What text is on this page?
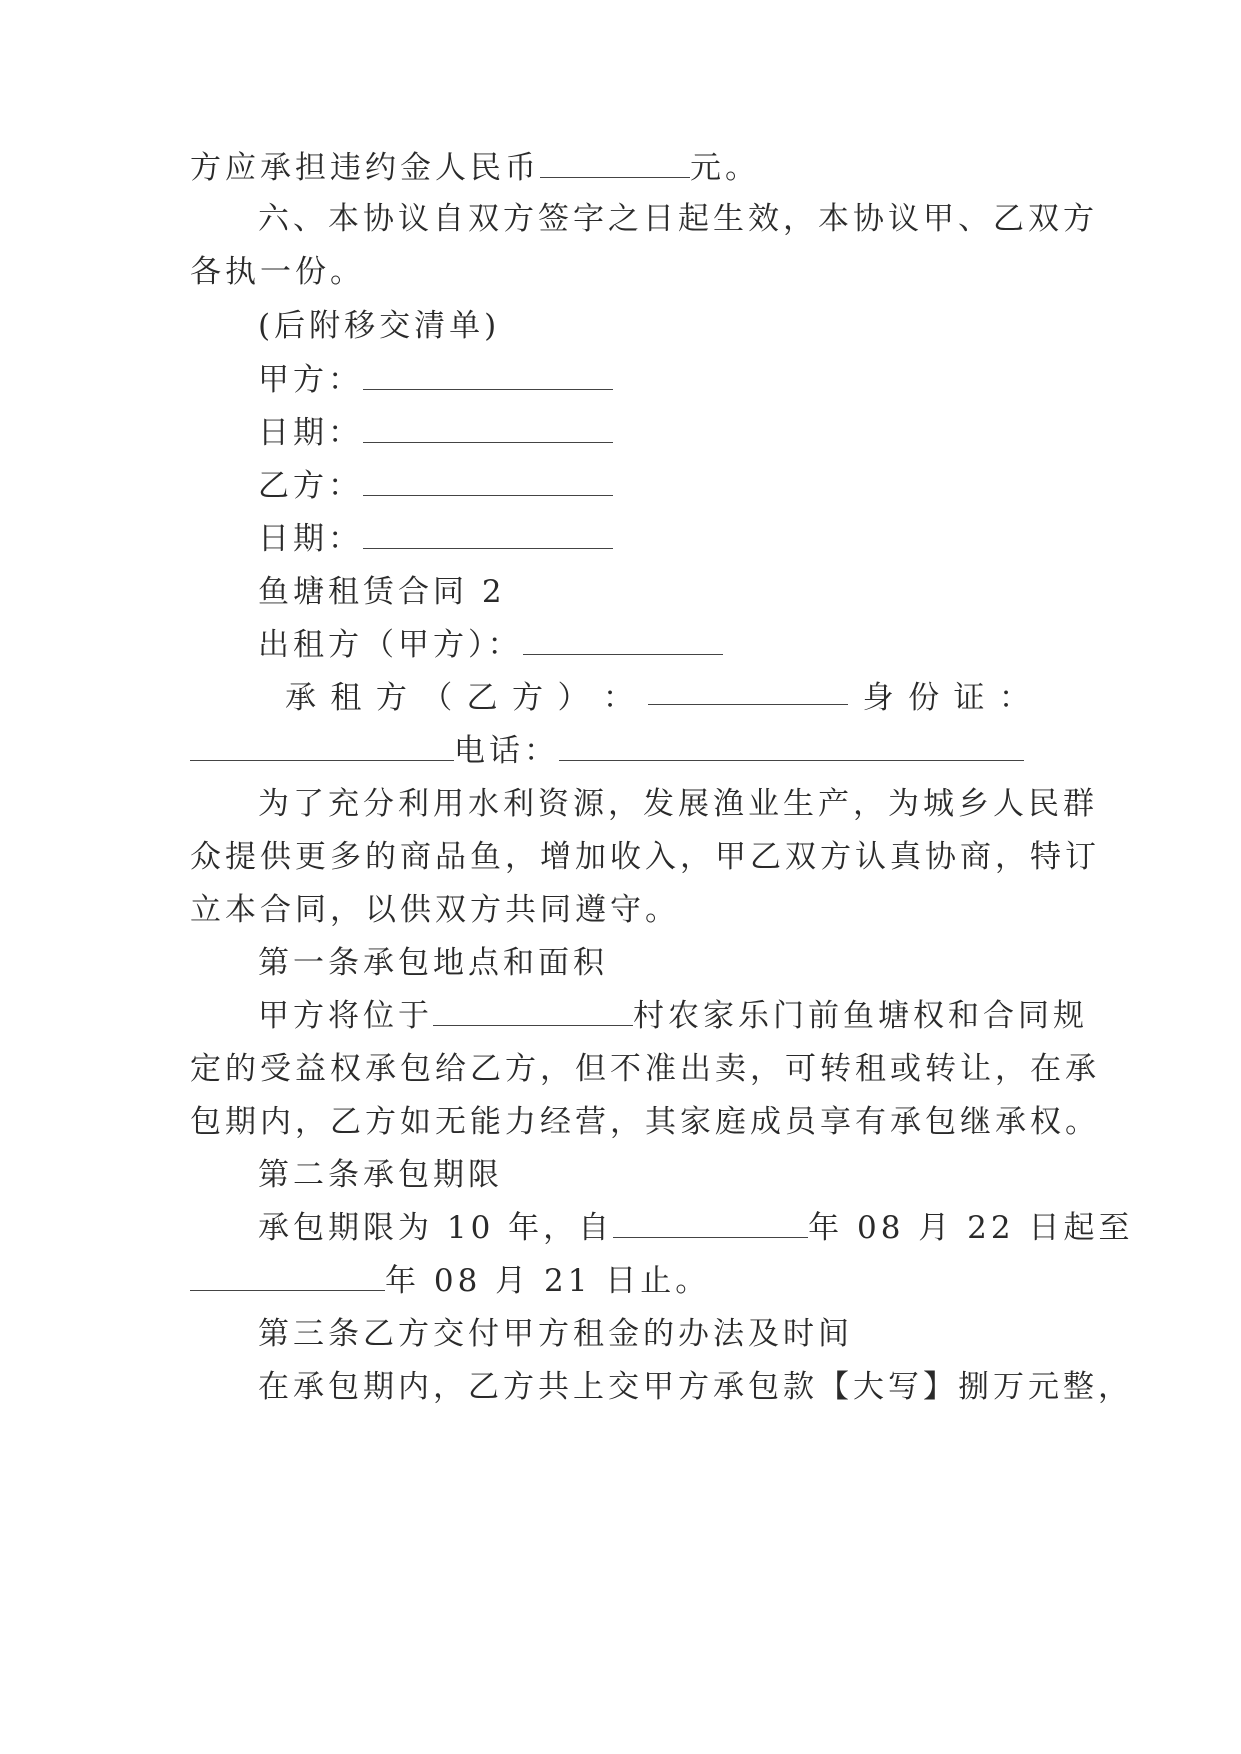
方应承担违约金人民币	元。
六、本协议自双方签字之日起生效，本协议甲、乙双方
各执一份。
(后附移交清单)
甲方：
日期：
乙方：
日期：
鱼塘租赁合同 2
出租方（甲方）：
承 租 方 （ 乙 方 ） ：	身 份 证 ：
电话：
为了充分利用水利资源，发展渔业生产，为城乡人民群
众提供更多的商品鱼，增加收入，甲乙双方认真协商，特订
立本合同，以供双方共同遵守。
第一条承包地点和面积
甲方将位于	村农家乐门前鱼塘权和合同规
定的受益权承包给乙方，但不准出卖，可转租或转让，在承
包期内，乙方如无能力经营，其家庭成员享有承包继承权。
第二条承包期限
承包期限为 10 年，自	年 08 月 22 日起至
年 08 月 21 日止。
第三条乙方交付甲方租金的办法及时间
在承包期内，乙方共上交甲方承包款【大写】捌万元整，
